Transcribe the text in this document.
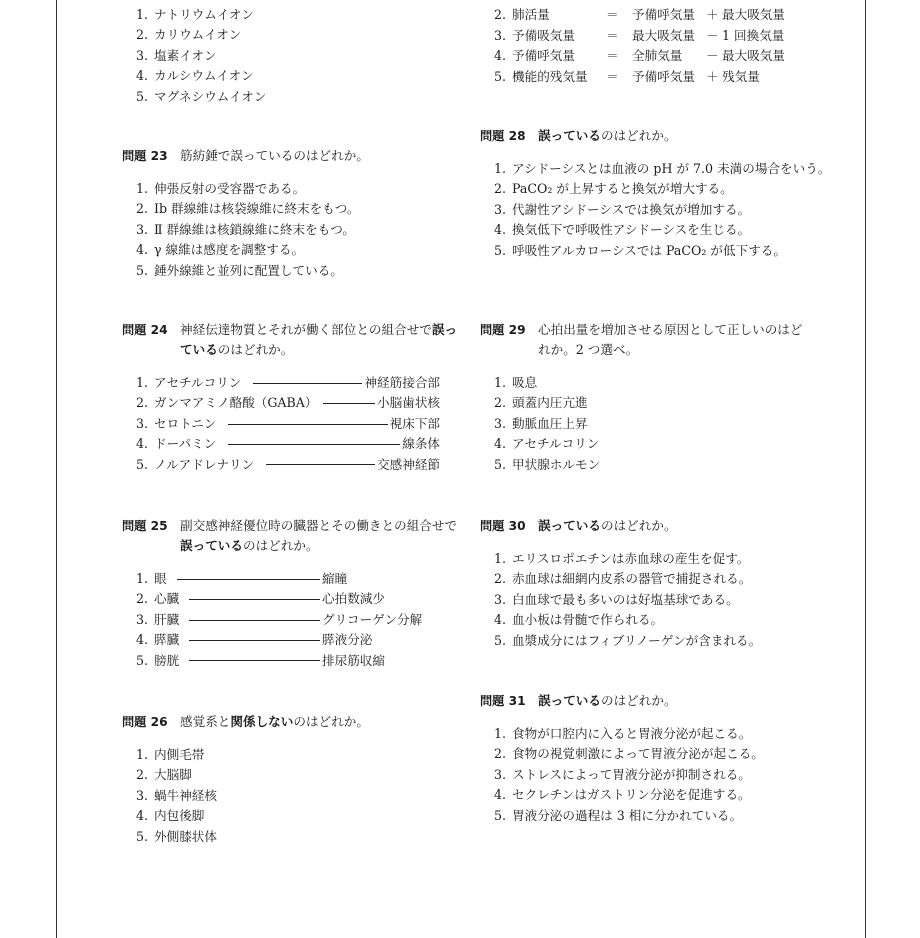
1. ナトリウムイオン
2. カリウムイオン
3. 塩素イオン
4. カルシウムイオン
5. マグネシウムイオン
問題 23 筋紡錘で誤っているのはどれか。
1. 伸張反射の受容器である。
2. Ⅰb 群線維は核袋線維に終末をもつ。
3. Ⅱ 群線維は核鎖線維に終末をもつ。
4. γ 線維は感度を調整する。
5. 錘外線維と並列に配置している。
問題 24 神経伝達物質とそれが働く部位との組合せで誤っているのはどれか。
1. アセチルコリン	神経筋接合部
2. ガンマアミノ酪酸（GABA）	小脳歯状核
3. セロトニン	視床下部
4. ドーパミン	線条体
5. ノルアドレナリン	交感神経節
問題 25 副交感神経優位時の臓器とその働きとの組合せで誤っているのはどれか。
1. 眼	縮瞳
2. 心臓	心拍数減少
3. 肝臓	グリコーゲン分解
4. 膵臓	膵液分泌
5. 膀胱	排尿筋収縮
問題 26 感覚系と関係しないのはどれか。
1. 内側毛帯
2. 大脳脚
3. 蝸牛神経核
4. 内包後脚
5. 外側膝状体
2. 肺活量	＝	予備呼気量 ＋ 最大吸気量
3. 予備吸気量	＝	最大吸気量 － 1 回換気量
4. 予備呼気量	＝	全肺気量	－ 最大吸気量
5. 機能的残気量	＝	予備呼気量 ＋ 残気量
問題 28 誤っているのはどれか。
1. アシドーシスとは血液の pH が 7.0 未満の場合をいう。
2. PaCO₂ が上昇すると換気が増大する。
3. 代謝性アシドーシスでは換気が増加する。
4. 換気低下で呼吸性アシドーシスを生じる。
5. 呼吸性アルカローシスでは PaCO₂ が低下する。
問題 29 心拍出量を増加させる原因として正しいのはどれか。2 つ選べ。
1. 吸息
2. 頭蓋内圧亢進
3. 動脈血圧上昇
4. アセチルコリン
5. 甲状腺ホルモン
問題 30 誤っているのはどれか。
1. エリスロポエチンは赤血球の産生を促す。
2. 赤血球は細網内皮系の器管で捕捉される。
3. 白血球で最も多いのは好塩基球である。
4. 血小板は骨髄で作られる。
5. 血漿成分にはフィブリノーゲンが含まれる。
問題 31 誤っているのはどれか。
1. 食物が口腔内に入ると胃液分泌が起こる。
2. 食物の視覚刺激によって胃液分泌が起こる。
3. ストレスによって胃液分泌が抑制される。
4. セクレチンはガストリン分泌を促進する。
5. 胃液分泌の過程は 3 相に分かれている。
